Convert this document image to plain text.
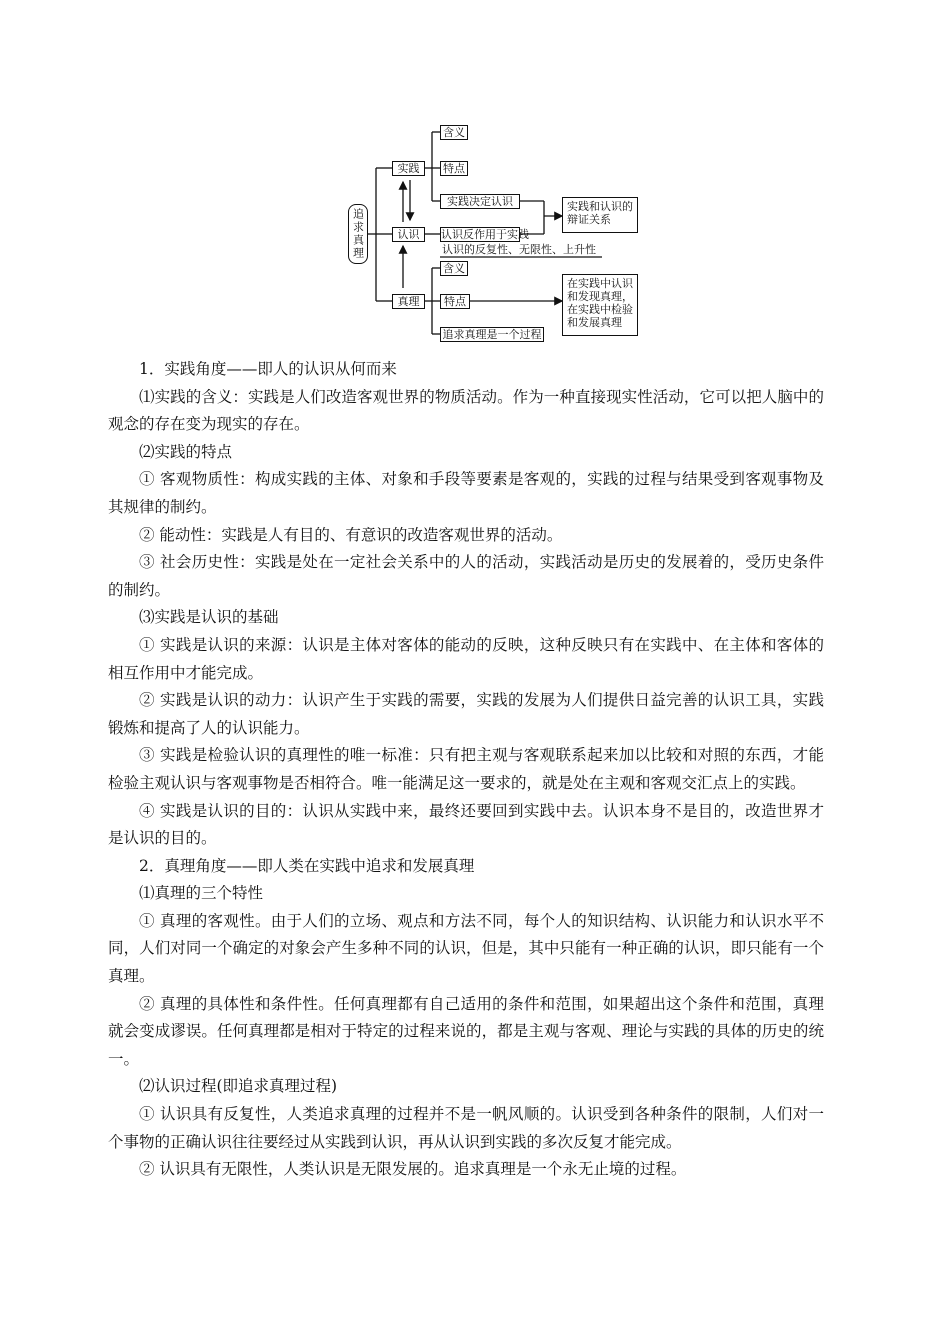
追求真理
实践
认识
真理
含义
特点
实践决定认识
认识反作用于实践
认识的反复性、无限性、上升性
含义
特点
追求真理是一个过程
实践和认识的辩证关系
在实践中认识和发现真理，在实践中检验和发展真理

1．实践角度——即人的认识从何而来

⑴实践的含义：实践是人们改造客观世界的物质活动。作为一种直接现实性活动，它可以把人脑中的观念的存在变为现实的存在。

⑵实践的特点

① 客观物质性：构成实践的主体、对象和手段等要素是客观的，实践的过程与结果受到客观事物及其规律的制约。

② 能动性：实践是人有目的、有意识的改造客观世界的活动。

③ 社会历史性：实践是处在一定社会关系中的人的活动，实践活动是历史的发展着的，受历史条件的制约。

⑶实践是认识的基础

① 实践是认识的来源：认识是主体对客体的能动的反映，这种反映只有在实践中、在主体和客体的相互作用中才能完成。

② 实践是认识的动力：认识产生于实践的需要，实践的发展为人们提供日益完善的认识工具，实践锻炼和提高了人的认识能力。

③ 实践是检验认识的真理性的唯一标准：只有把主观与客观联系起来加以比较和对照的东西，才能检验主观认识与客观事物是否相符合。唯一能满足这一要求的，就是处在主观和客观交汇点上的实践。

④ 实践是认识的目的：认识从实践中来，最终还要回到实践中去。认识本身不是目的，改造世界才是认识的目的。

2．真理角度——即人类在实践中追求和发展真理

⑴真理的三个特性

① 真理的客观性。由于人们的立场、观点和方法不同，每个人的知识结构、认识能力和认识水平不同，人们对同一个确定的对象会产生多种不同的认识，但是，其中只能有一种正确的认识，即只能有一个真理。

② 真理的具体性和条件性。任何真理都有自己适用的条件和范围，如果超出这个条件和范围，真理就会变成谬误。任何真理都是相对于特定的过程来说的，都是主观与客观、理论与实践的具体的历史的统一。

⑵认识过程(即追求真理过程)

① 认识具有反复性，人类追求真理的过程并不是一帆风顺的。认识受到各种条件的限制，人们对一个事物的正确认识往往要经过从实践到认识，再从认识到实践的多次反复才能完成。

② 认识具有无限性，人类认识是无限发展的。追求真理是一个永无止境的过程。
